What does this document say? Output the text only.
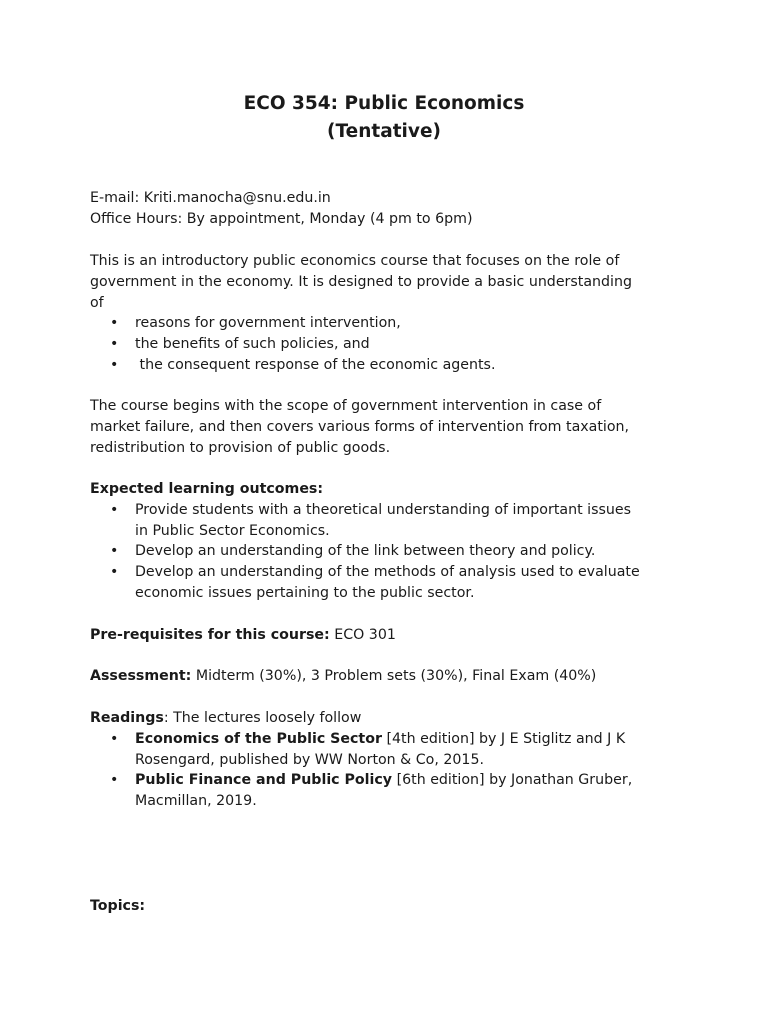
ECO 354: Public Economics
(Tentative)

E-mail: Kriti.manocha@snu.edu.in

Office Hours: By appointment, Monday (4 pm to 6pm)

This is an introductory public economics course that focuses on the role of

government in the economy. It is designed to provide a basic understanding

of

• reasons for government intervention,
• the benefits of such policies, and
•  the consequent response of the economic agents.

The course begins with the scope of government intervention in case of

market failure, and then covers various forms of intervention from taxation,

redistribution to provision of public goods.

Expected learning outcomes:

• Provide students with a theoretical understanding of important issues
in Public Sector Economics.
• Develop an understanding of the link between theory and policy.
• Develop an understanding of the methods of analysis used to evaluate
economic issues pertaining to the public sector.

Pre-requisites for this course: ECO 301

Assessment: Midterm (30%), 3 Problem sets (30%), Final Exam (40%)

Readings: The lectures loosely follow

• Economics of the Public Sector [4th edition] by J E Stiglitz and J K
Rosengard, published by WW Norton & Co, 2015.
• Public Finance and Public Policy [6th edition] by Jonathan Gruber,
Macmillan, 2019.

Topics:
